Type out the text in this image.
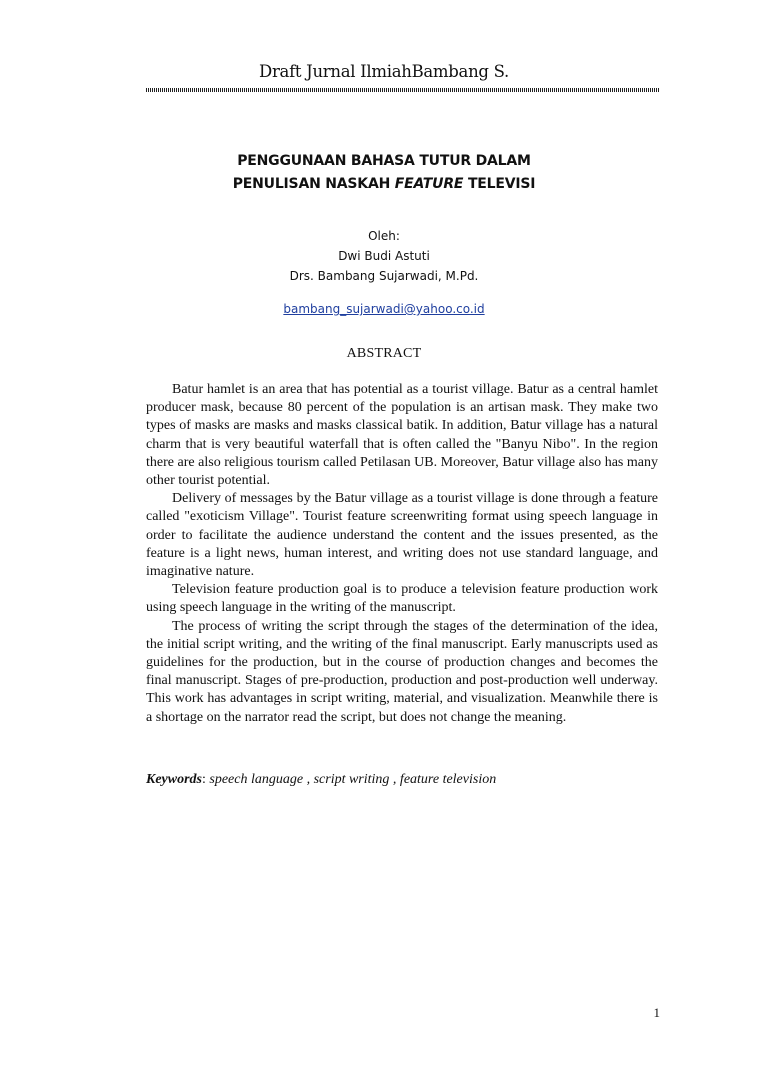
Draft Jurnal IlmiahBambang S.
PENGGUNAAN BAHASA TUTUR DALAM
PENULISAN NASKAH FEATURE TELEVISI
Oleh:
Dwi Budi Astuti
Drs. Bambang Sujarwadi, M.Pd.
bambang_sujarwadi@yahoo.co.id
ABSTRACT

Batur hamlet is an area that has potential as a tourist village. Batur as a central hamlet producer mask, because 80 percent of the population is an artisan mask. They make two types of masks are masks and masks classical batik. In addition, Batur village has a natural charm that is very beautiful waterfall that is often called the "Banyu Nibo". In the region there are also religious tourism called Petilasan UB. Moreover, Batur village also has many other tourist potential.

Delivery of messages by the Batur village as a tourist village is done through a feature called "exoticism Village". Tourist feature screenwriting format using speech language in order to facilitate the audience understand the content and the issues presented, as the feature is a light news, human interest, and writing does not use standard language, and imaginative nature.

Television feature production goal is to produce a television feature production work using speech language in the writing of the manuscript.

The process of writing the script through the stages of the determination of the idea, the initial script writing, and the writing of the final manuscript. Early manuscripts used as guidelines for the production, but in the course of production changes and becomes the final manuscript. Stages of pre-production, production and post-production well underway. This work has advantages in script writing, material, and visualization. Meanwhile there is a shortage on the narrator read the script, but does not change the meaning.

Keywords: speech language , script writing , feature television
1
